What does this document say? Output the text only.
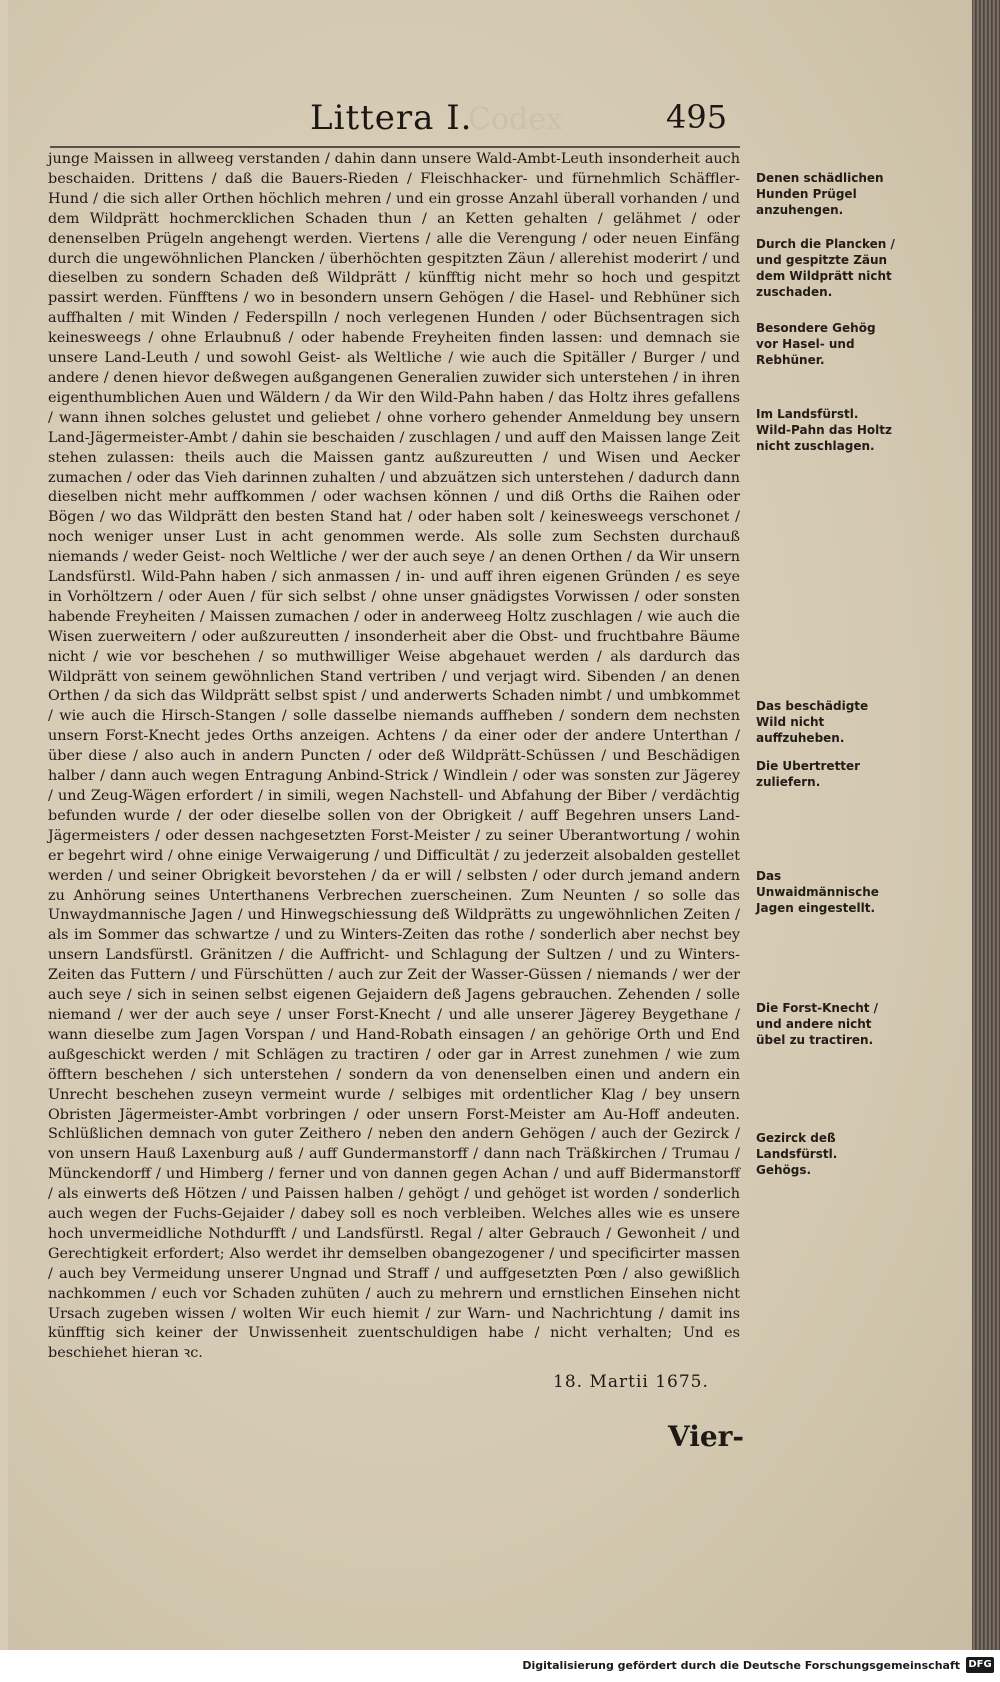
Littera I.
Codex	495

junge Maissen in allweeg verstanden / dahin dann unsere Wald-Ambt-Leuth insonderheit auch beschaiden. Drittens / daß die Bauers-Rieden / Fleischhacker- und fürnehmlich Schäffler-Hund / die sich aller Orthen höchlich mehren / und ein grosse Anzahl überall vorhanden / und dem Wildprätt hochmercklichen Schaden thun / an Ketten gehalten / gelähmet / oder denenselben Prügeln angehengt werden. Viertens / alle die Verengung / oder neuen Einfäng durch die ungewöhnlichen Plancken / überhöchten gespitzten Zäun / allerehist moderirt / und dieselben zu sondern Schaden deß Wildprätt / künfftig nicht mehr so hoch und gespitzt passirt werden. Fünfftens / wo in besondern unsern Gehögen / die Hasel- und Rebhüner sich auffhalten / mit Winden / Federspilln / noch verlegenen Hunden / oder Büchsentragen sich keinesweegs / ohne Erlaubnuß / oder habende Freyheiten finden lassen: und demnach sie unsere Land-Leuth / und sowohl Geist- als Weltliche / wie auch die Spitäller / Burger / und andere / denen hievor deßwegen außgangenen Generalien zuwider sich unterstehen / in ihren eigenthumblichen Auen und Wäldern / da Wir den Wild-Pahn haben / das Holtz ihres gefallens / wann ihnen solches gelustet und geliebet / ohne vorhero gehender Anmeldung bey unsern Land-Jägermeister-Ambt / dahin sie beschaiden / zuschlagen / und auff den Maissen lange Zeit stehen zulassen: theils auch die Maissen gantz außzureutten / und Wisen und Aecker zumachen / oder das Vieh darinnen zuhalten / und abzuätzen sich unterstehen / dadurch dann dieselben nicht mehr auffkommen / oder wachsen können / und diß Orths die Raihen oder Bögen / wo das Wildprätt den besten Stand hat / oder haben solt / keinesweegs verschonet / noch weniger unser Lust in acht genommen werde. Als solle zum Sechsten durchauß niemands / weder Geist- noch Weltliche / wer der auch seye / an denen Orthen / da Wir unsern Landsfürstl. Wild-Pahn haben / sich anmassen / in- und auff ihren eigenen Gründen / es seye in Vorhöltzern / oder Auen / für sich selbst / ohne unser gnädigstes Vorwissen / oder sonsten habende Freyheiten / Maissen zumachen / oder in anderweeg Holtz zuschlagen / wie auch die Wisen zuerweitern / oder außzureutten / insonderheit aber die Obst- und fruchtbahre Bäume nicht / wie vor beschehen / so muthwilliger Weise abgehauet werden / als dardurch das Wildprätt von seinem gewöhnlichen Stand vertriben / und verjagt wird. Sibenden / an denen Orthen / da sich das Wildprätt selbst spist / und anderwerts Schaden nimbt / und umbkommet / wie auch die Hirsch-Stangen / solle dasselbe niemands auffheben / sondern dem nechsten unsern Forst-Knecht jedes Orths anzeigen. Achtens / da einer oder der andere Unterthan / über diese / also auch in andern Puncten / oder deß Wildprätt-Schüssen / und Beschädigen halber / dann auch wegen Entragung Anbind-Strick / Windlein / oder was sonsten zur Jägerey / und Zeug-Wägen erfordert / in simili, wegen Nachstell- und Abfahung der Biber / verdächtig befunden wurde / der oder dieselbe sollen von der Obrigkeit / auff Begehren unsers Land-Jägermeisters / oder dessen nachgesetzten Forst-Meister / zu seiner Uberantwortung / wohin er begehrt wird / ohne einige Verwaigerung / und Difficultät / zu jederzeit alsobalden gestellet werden / und seiner Obrigkeit bevorstehen / da er will / selbsten / oder durch jemand andern zu Anhörung seines Unterthanens Verbrechen zuerscheinen. Zum Neunten / so solle das Unwaydmannische Jagen / und Hinwegschiessung deß Wildprätts zu ungewöhnlichen Zeiten / als im Sommer das schwartze / und zu Winters-Zeiten das rothe / sonderlich aber nechst bey unsern Landsfürstl. Gränitzen / die Auffricht- und Schlagung der Sultzen / und zu Winters-Zeiten das Futtern / und Fürschütten / auch zur Zeit der Wasser-Güssen / niemands / wer der auch seye / sich in seinen selbst eigenen Gejaidern deß Jagens gebrauchen. Zehenden / solle niemand / wer der auch seye / unser Forst-Knecht / und alle unserer Jägerey Beygethane / wann dieselbe zum Jagen Vorspan / und Hand-Robath einsagen / an gehörige Orth und End außgeschickt werden / mit Schlägen zu tractiren / oder gar in Arrest zunehmen / wie zum öfftern beschehen / sich unterstehen / sondern da von denenselben einen und andern ein Unrecht beschehen zuseyn vermeint wurde / selbiges mit ordentlicher Klag / bey unsern Obristen Jägermeister-Ambt vorbringen / oder unsern Forst-Meister am Au-Hoff andeuten. Schlüßlichen demnach von guter Zeithero / neben den andern Gehögen / auch der Gezirck / von unsern Hauß Laxenburg auß / auff Gundermanstorff / dann nach Träßkirchen / Trumau / Münckendorff / und Himberg / ferner und von dannen gegen Achan / und auff Bidermanstorff / als einwerts deß Hötzen / und Paissen halben / gehögt / und gehöget ist worden / sonderlich auch wegen der Fuchs-Gejaider / dabey soll es noch verbleiben. Welches alles wie es unsere hoch unvermeidliche Nothdurfft / und Landsfürstl. Regal / alter Gebrauch / Gewonheit / und Gerechtigkeit erfordert; Also werdet ihr demselben obangezogener / und specificirter massen / auch bey Vermeidung unserer Ungnad und Straff / und auffgesetzten Pœn / also gewißlich nachkommen / euch vor Schaden zuhüten / auch zu mehrern und ernstlichen Einsehen nicht Ursach zugeben wissen / wolten Wir euch hiemit / zur Warn- und Nachrichtung / damit ins künfftig sich keiner der Unwissenheit zuentschuldigen habe / nicht verhalten; Und es beschiehet hieran ꝛc.

18. Martii 1675.
Vier-
Denen schädlichen Hunden Prügel anzuhengen.
Durch die Plancken / und gespitzte Zäun dem Wildprätt nicht zuschaden.
Besondere Gehög vor Hasel- und Rebhüner.
Im Landsfürstl. Wild-Pahn das Holtz nicht zuschlagen.
Das beschädigte Wild nicht auffzuheben.
Die Ubertretter zuliefern.
Das Unwaidmännische Jagen eingestellt.
Die Forst-Knecht / und andere nicht übel zu tractiren.
Gezirck deß Landsfürstl. Gehögs.
Digitalisierung gefördert durch die Deutsche Forschungsgemeinschaft DFG
